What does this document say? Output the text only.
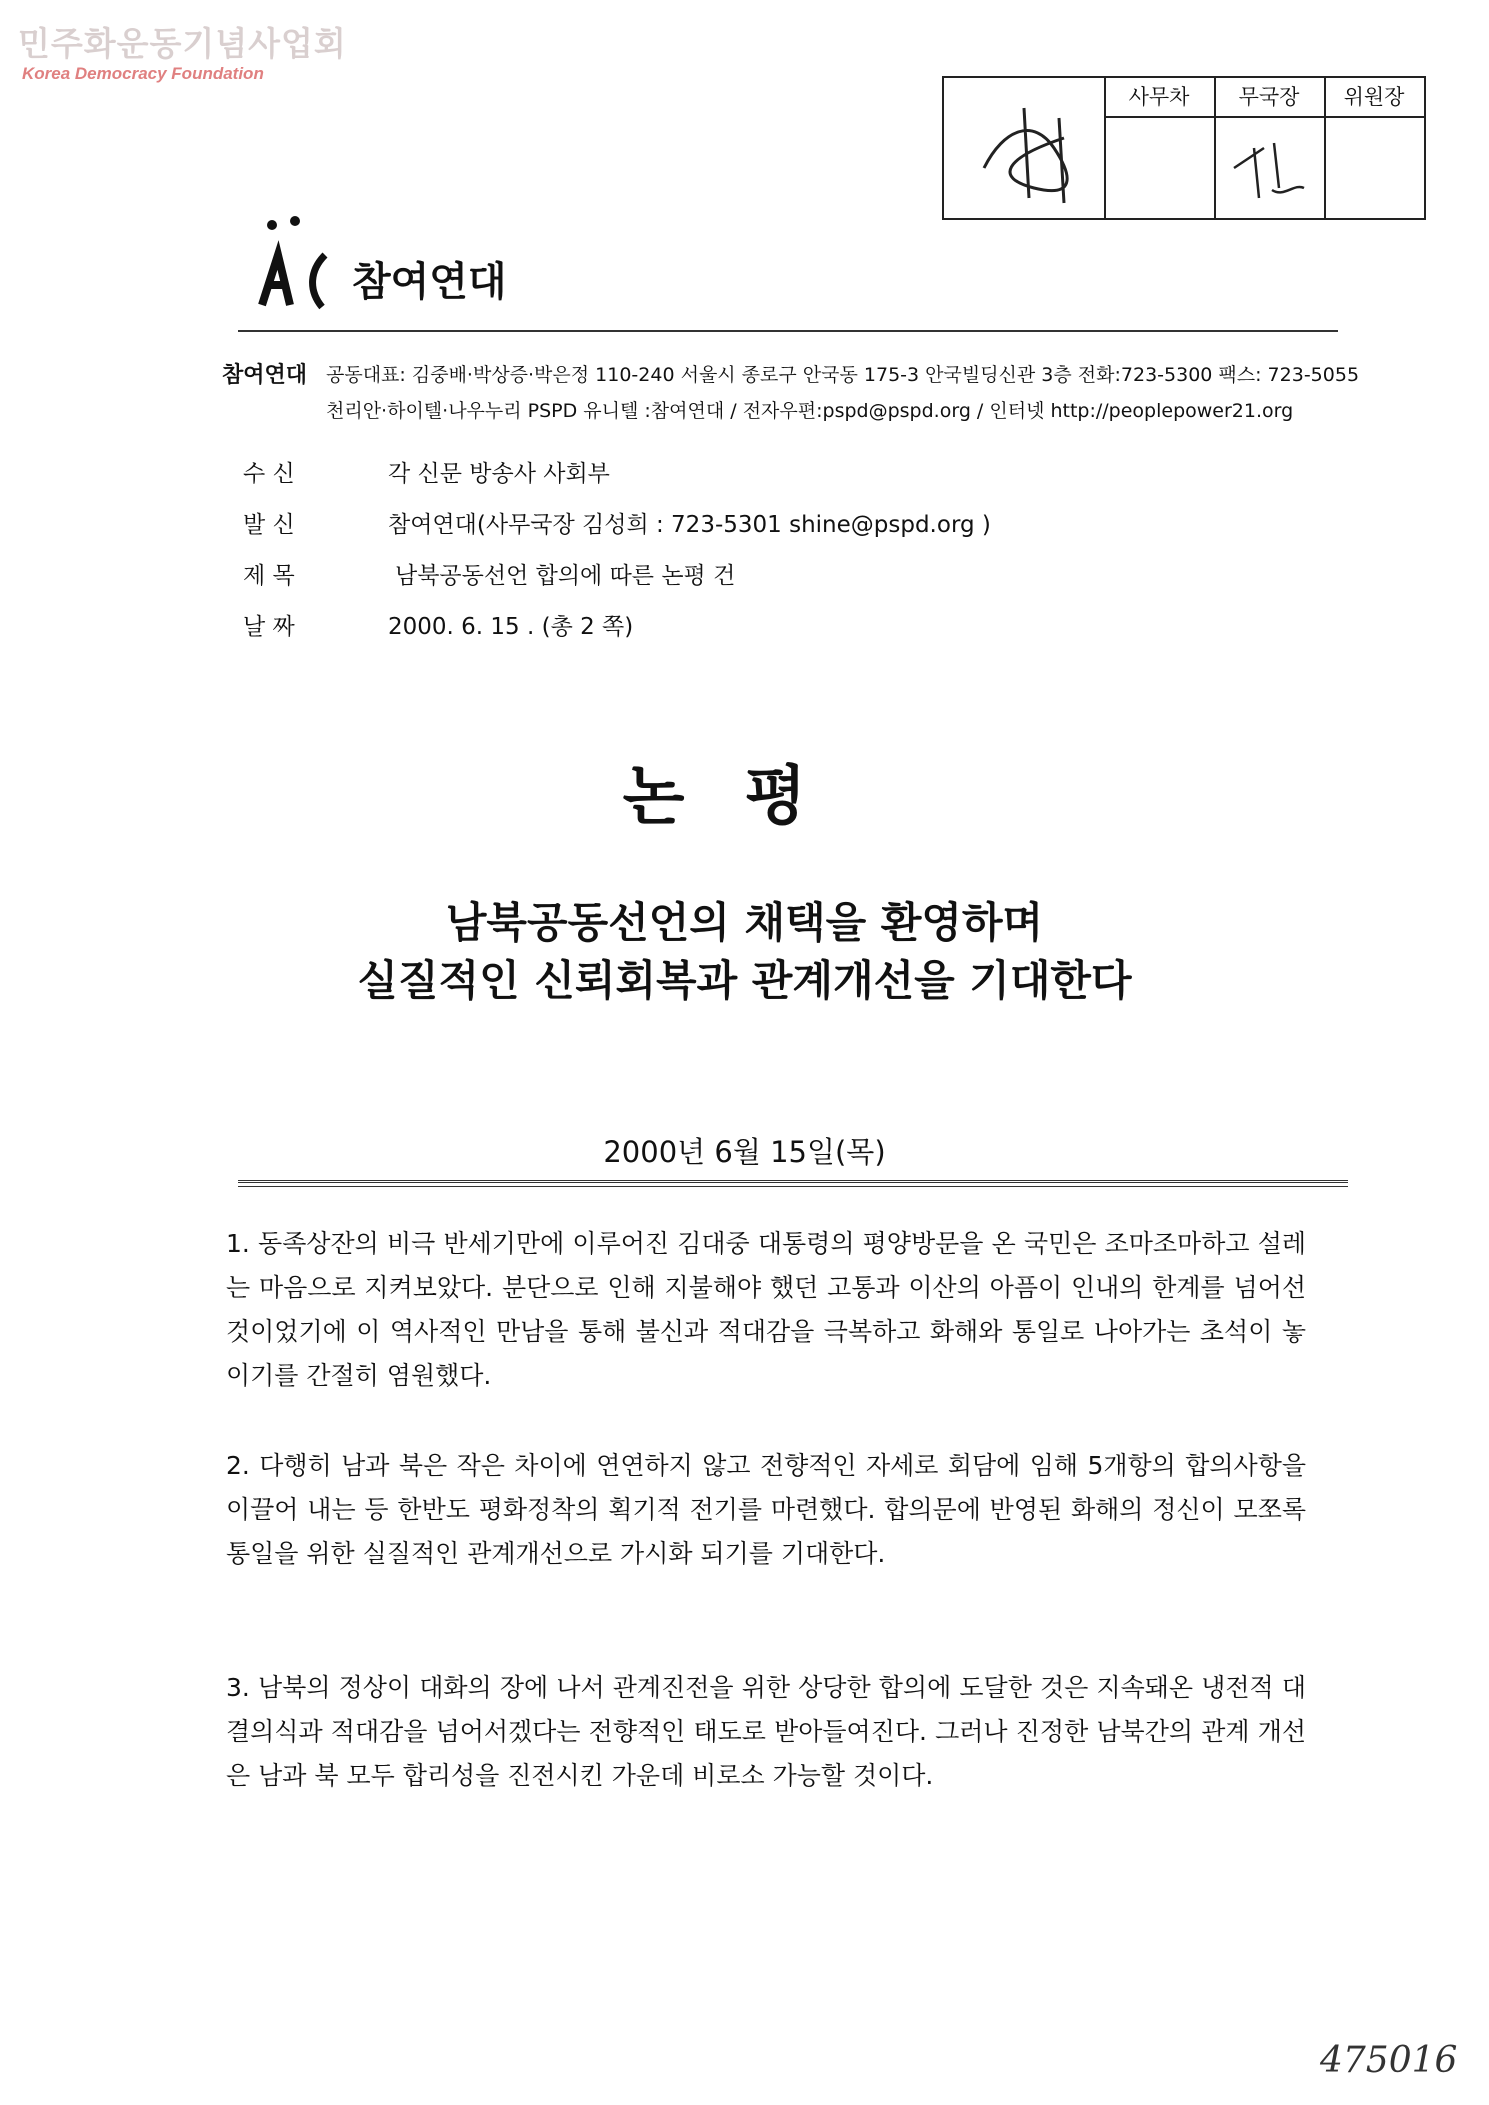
민주화운동기념사업회
Korea Democracy Foundation
사무차	무국장	위원장
참여연대
참여연대 공동대표: 김중배·박상증·박은정 110-240 서울시 종로구 안국동 175-3 안국빌딩신관 3층 전화:723-5300 팩스: 723-5055
천리안·하이텔·나우누리 PSPD 유니텔 :참여연대 / 전자우편:pspd@pspd.org / 인터넷 http://peoplepower21.org
수 신	각 신문 방송사 사회부
발 신	참여연대(사무국장 김성희 : 723-5301 shine@pspd.org )
제 목	남북공동선언 합의에 따른 논평 건
날 짜	2000. 6. 15 . (총 2 쪽)
논평
남북공동선언의 채택을 환영하며
실질적인 신뢰회복과 관계개선을 기대한다
2000년 6월 15일(목)
1. 동족상잔의 비극 반세기만에 이루어진 김대중 대통령의 평양방문을 온 국민은 조마조마하고 설레는 마음으로 지켜보았다. 분단으로 인해 지불해야 했던 고통과 이산의 아픔이 인내의 한계를 넘어선 것이었기에 이 역사적인 만남을 통해 불신과 적대감을 극복하고 화해와 통일로 나아가는 초석이 놓이기를 간절히 염원했다.
2. 다행히 남과 북은 작은 차이에 연연하지 않고 전향적인 자세로 회담에 임해 5개항의 합의사항을 이끌어 내는 등 한반도 평화정착의 획기적 전기를 마련했다. 합의문에 반영된 화해의 정신이 모쪼록 통일을 위한 실질적인 관계개선으로 가시화 되기를 기대한다.
3. 남북의 정상이 대화의 장에 나서 관계진전을 위한 상당한 합의에 도달한 것은 지속돼온 냉전적 대결의식과 적대감을 넘어서겠다는 전향적인 태도로 받아들여진다. 그러나 진정한 남북간의 관계 개선은 남과 북 모두 합리성을 진전시킨 가운데 비로소 가능할 것이다.
475016
